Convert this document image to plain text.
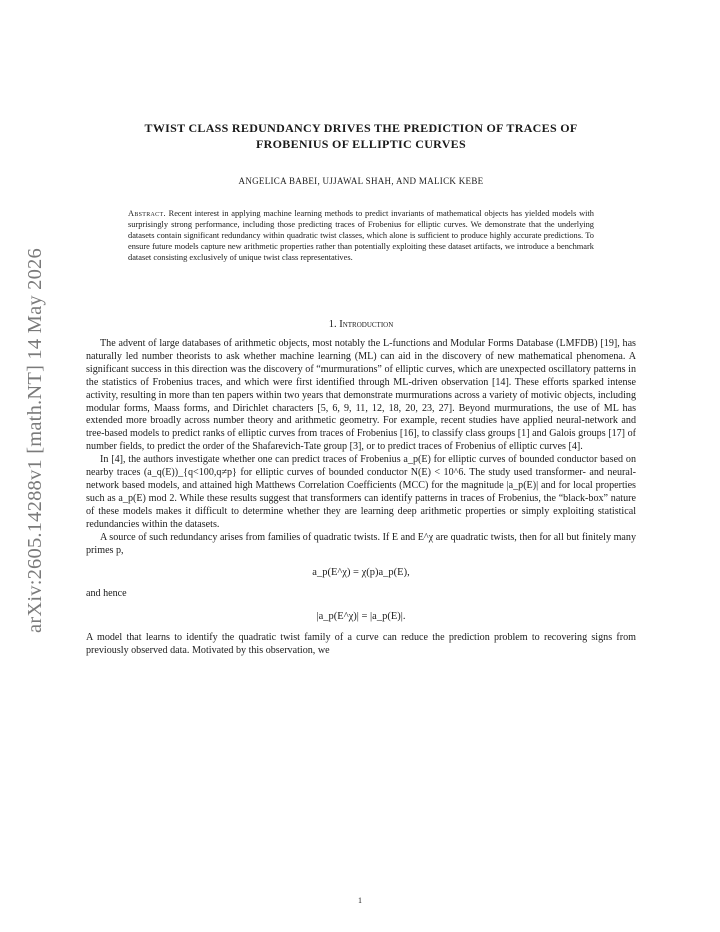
arXiv:2605.14288v1 [math.NT] 14 May 2026
TWIST CLASS REDUNDANCY DRIVES THE PREDICTION OF TRACES OF
FROBENIUS OF ELLIPTIC CURVES
ANGELICA BABEI, UJJAWAL SHAH, AND MALICK KEBE
Abstract. Recent interest in applying machine learning methods to predict invariants of mathematical objects has yielded models with surprisingly strong performance, including those predicting traces of Frobenius for elliptic curves. We demonstrate that the underlying datasets contain significant redundancy within quadratic twist classes, which alone is sufficient to produce highly accurate predictions. To ensure future models capture new arithmetic properties rather than potentially exploiting these dataset artifacts, we introduce a benchmark dataset consisting exclusively of unique twist class representatives.
1. Introduction

The advent of large databases of arithmetic objects, most notably the L-functions and Modular Forms Database (LMFDB) [19], has naturally led number theorists to ask whether machine learning (ML) can aid in the discovery of new mathematical phenomena. A significant success in this direction was the discovery of “murmurations” of elliptic curves, which are unexpected oscillatory patterns in the statistics of Frobenius traces, and which were first identified through ML-driven observation [14]. These efforts sparked intense activity, resulting in more than ten papers within two years that demonstrate murmurations across a variety of motivic objects, including modular forms, Maass forms, and Dirichlet characters [5, 6, 9, 11, 12, 18, 20, 23, 27]. Beyond murmurations, the use of ML has extended more broadly across number theory and arithmetic geometry. For example, recent studies have applied neural-network and tree-based models to predict ranks of elliptic curves from traces of Frobenius [16], to classify class groups [1] and Galois groups [17] of number fields, to predict the order of the Shafarevich-Tate group [3], or to predict traces of Frobenius of elliptic curves [4].

In [4], the authors investigate whether one can predict traces of Frobenius a_p(E) for elliptic curves of bounded conductor based on nearby traces (a_q(E))_{q<100,q≠p} for elliptic curves of bounded conductor N(E) < 10^6. The study used transformer- and neural-network based models, and attained high Matthews Correlation Coefficients (MCC) for the magnitude |a_p(E)| and for local properties such as a_p(E) mod 2. While these results suggest that transformers can identify patterns in traces of Frobenius, the “black-box” nature of these models makes it difficult to determine whether they are learning deep arithmetic properties or simply exploiting statistical redundancies within the datasets.

A source of such redundancy arises from families of quadratic twists. If E and E^χ are quadratic twists, then for all but finitely many primes p,

a_p(E^χ) = χ(p)a_p(E),

and hence

|a_p(E^χ)| = |a_p(E)|.

A model that learns to identify the quadratic twist family of a curve can reduce the prediction problem to recovering signs from previously observed data. Motivated by this observation, we

1
